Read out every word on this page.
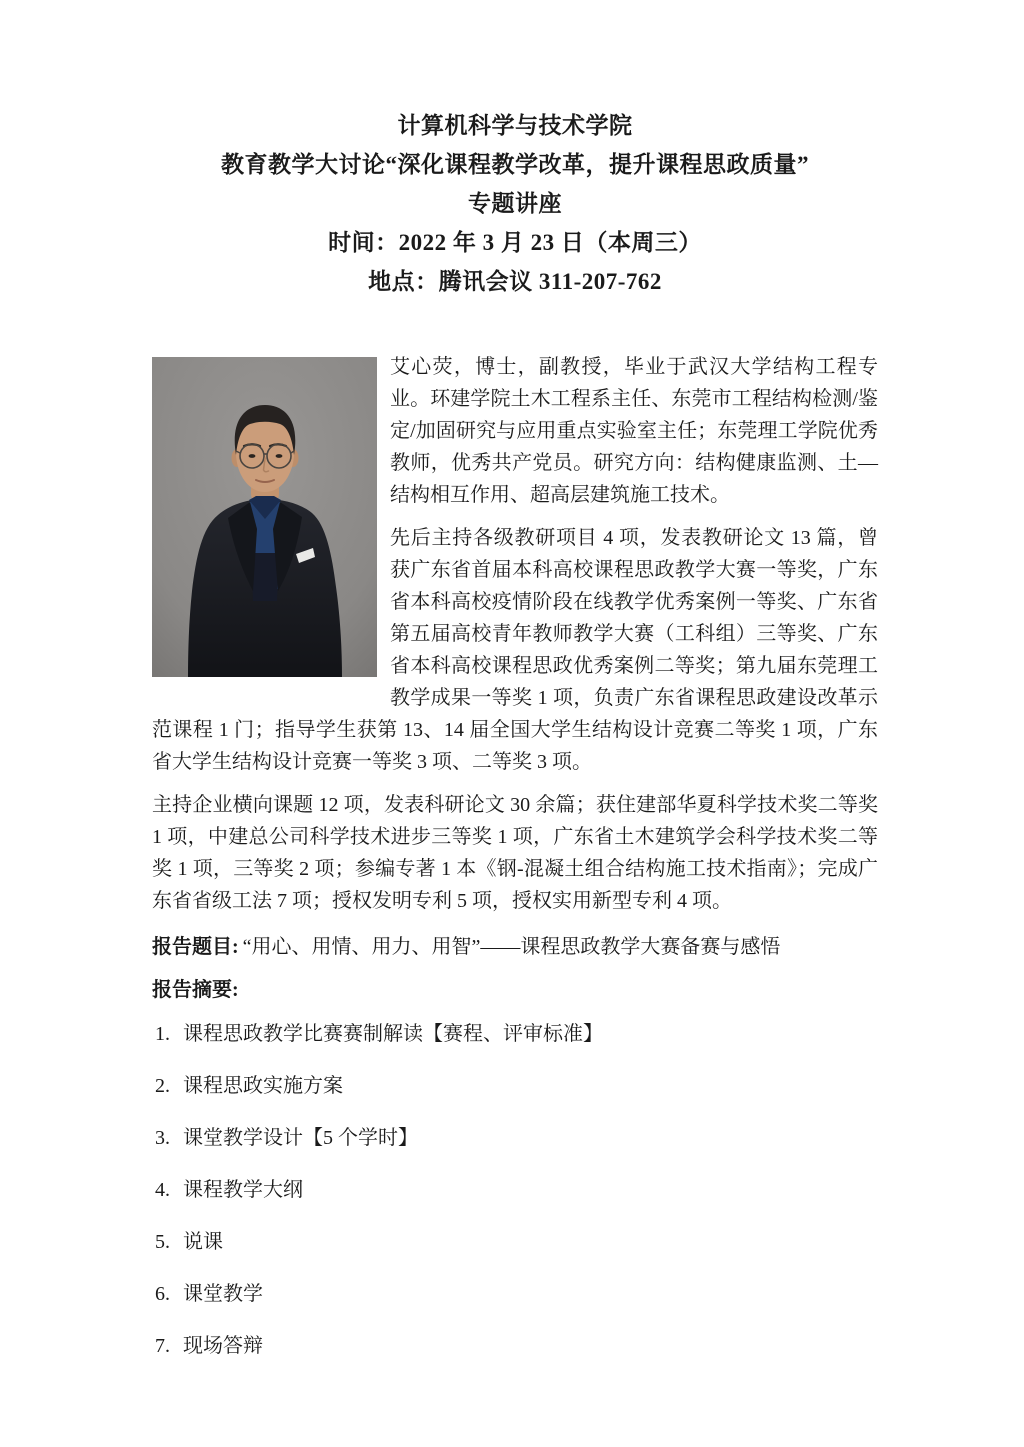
计算机科学与技术学院
教育教学大讨论“深化课程教学改革，提升课程思政质量”
专题讲座
时间：2022 年 3 月 23 日（本周三）
地点：腾讯会议 311-207-762

艾心荧，博士，副教授，毕业于武汉大学结构工程专业。环建学院土木工程系主任、东莞市工程结构检测/鉴定/加固研究与应用重点实验室主任；东莞理工学院优秀教师，优秀共产党员。研究方向：结构健康监测、土—结构相互作用、超高层建筑施工技术。

先后主持各级教研项目 4 项，发表教研论文 13 篇，曾获广东省首届本科高校课程思政教学大赛一等奖，广东省本科高校疫情阶段在线教学优秀案例一等奖、广东省第五届高校青年教师教学大赛（工科组）三等奖、广东省本科高校课程思政优秀案例二等奖；第九届东莞理工教学成果一等奖 1 项，负责广东省课程思政建设改革示范课程 1 门；指导学生获第 13、14 届全国大学生结构设计竞赛二等奖 1 项，广东省大学生结构设计竞赛一等奖 3 项、二等奖 3 项。

主持企业横向课题 12 项，发表科研论文 30 余篇；获住建部华夏科学技术奖二等奖 1 项，中建总公司科学技术进步三等奖 1 项，广东省土木建筑学会科学技术奖二等奖 1 项，三等奖 2 项；参编专著 1 本《钢-混凝土组合结构施工技术指南》；完成广东省省级工法 7 项；授权发明专利 5 项，授权实用新型专利 4 项。

报告题目: “用心、用情、用力、用智”——课程思政教学大赛备赛与感悟

报告摘要:

课程思政教学比赛赛制解读【赛程、评审标准】
课程思政实施方案
课堂教学设计【5 个学时】
课程教学大纲
说课
课堂教学
现场答辩
